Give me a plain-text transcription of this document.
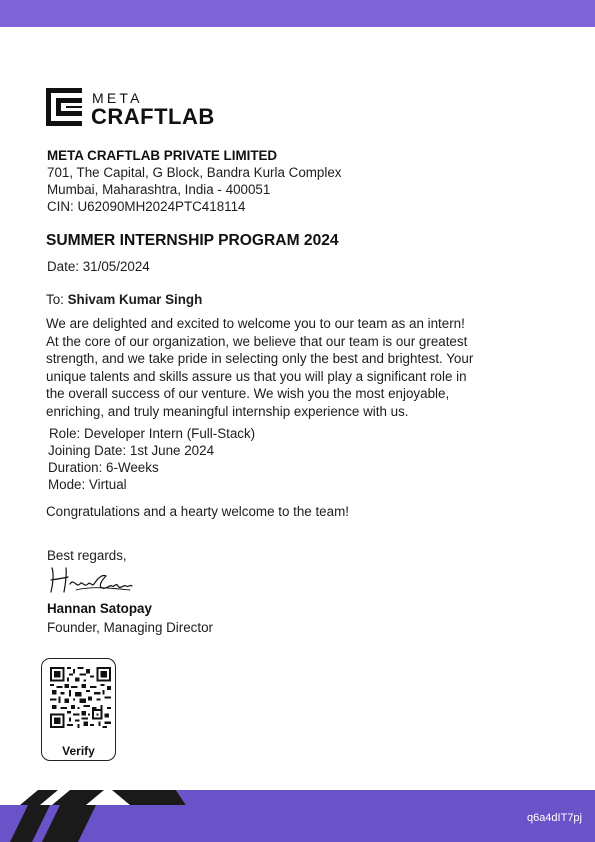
META
CRAFTLAB
META CRAFTLAB PRIVATE LIMITED
701, The Capital, G Block, Bandra Kurla Complex
Mumbai, Maharashtra, India - 400051
CIN: U62090MH2024PTC418114
SUMMER INTERNSHIP PROGRAM 2024
Date: 31/05/2024
To: Shivam Kumar Singh
We are delighted and excited to welcome you to our team as an intern!
At the core of our organization, we believe that our team is our greatest
strength, and we take pride in selecting only the best and brightest. Your
unique talents and skills assure us that you will play a significant role in
the overall success of our venture. We wish you the most enjoyable,
enriching, and truly meaningful internship experience with us.
Role: Developer Intern (Full-Stack)
Joining Date: 1st June 2024
Duration: 6-Weeks
Mode: Virtual
Congratulations and a hearty welcome to the team!
Best regards,
Hannan Satopay
Founder, Managing Director
Verify
q6a4dIT7pj
